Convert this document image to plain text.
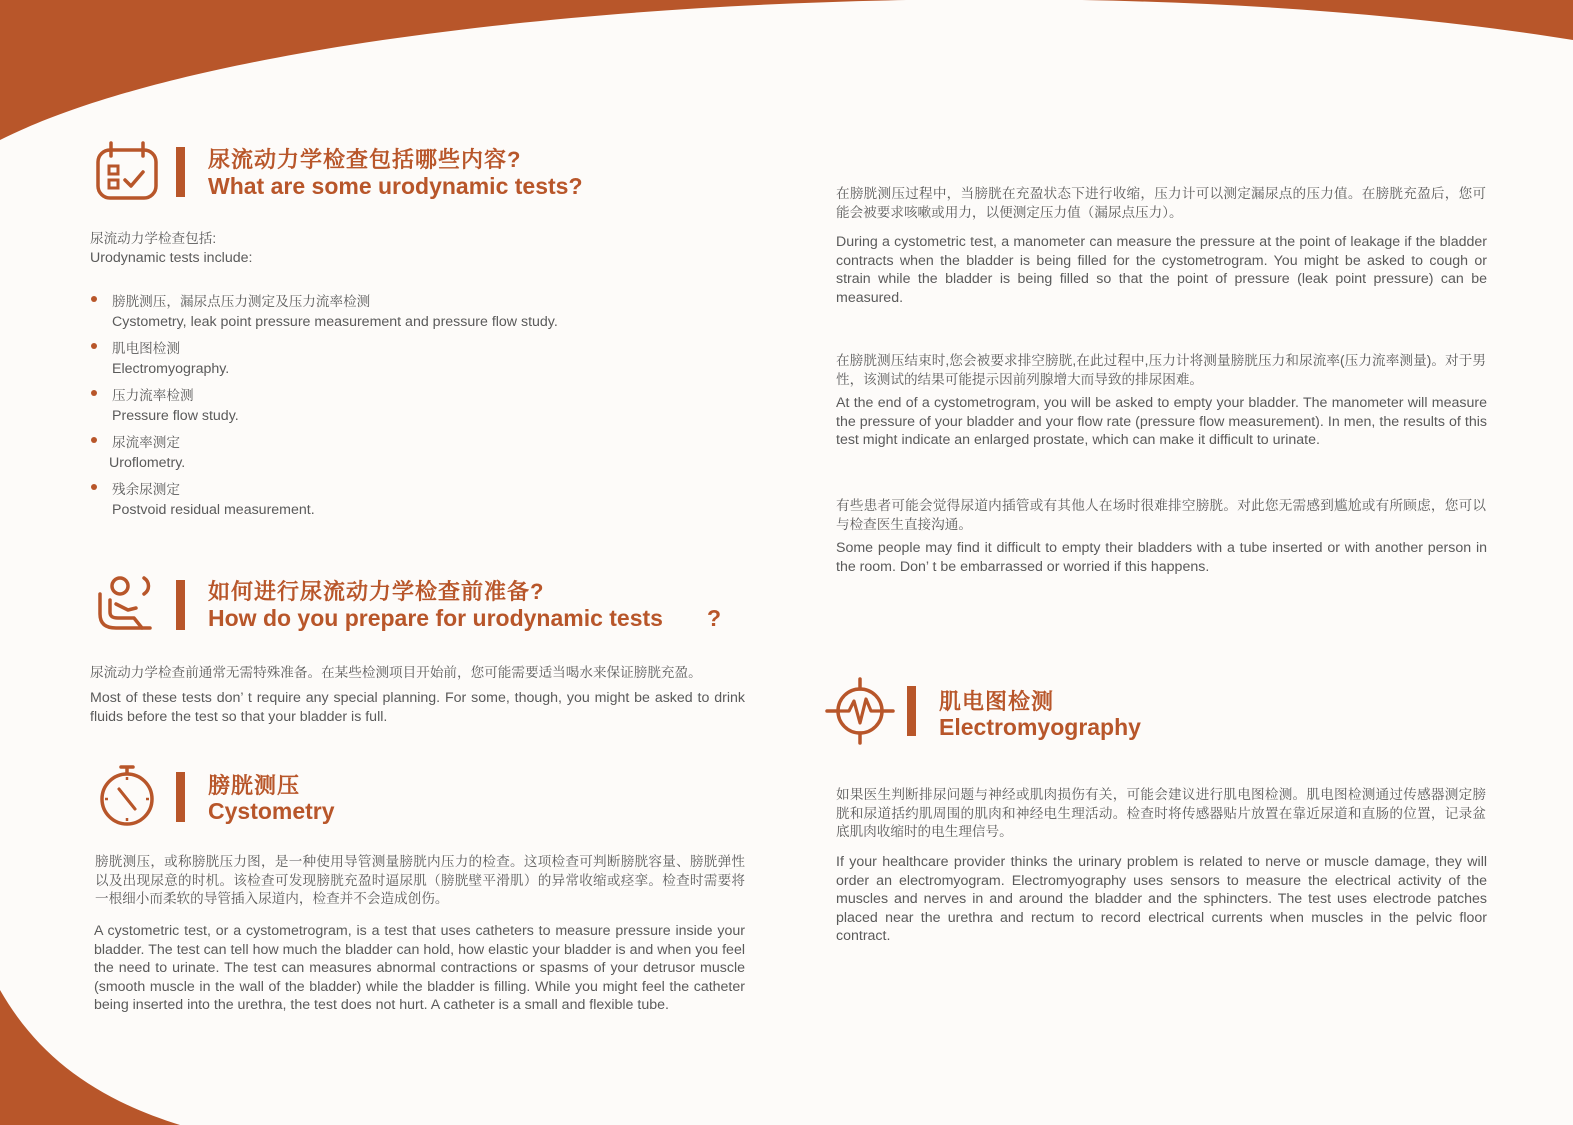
尿流动力学检查包括哪些内容?
What are some urodynamic tests?
尿流动力学检查包括:
Urodynamic tests include:
膀胱测压，漏尿点压力测定及压力流率检测
Cystometry, leak point pressure measurement and pressure flow study.
肌电图检测
Electromyography.
压力流率检测
Pressure flow study.
尿流率测定
Uroflometry.
残余尿测定
Postvoid residual measurement.
如何进行尿流动力学检查前准备?
How do you prepare for urodynamic tests ?
尿流动力学检查前通常无需特殊准备。在某些检测项目开始前，您可能需要适当喝水来保证膀胱充盈。
Most of these tests don’ t require any special planning. For some, though, you might be asked to drink fluids before the test so that your bladder is full.
膀胱测压
Cystometry
膀胱测压，或称膀胱压力图，是一种使用导管测量膀胱内压力的检查。这项检查可判断膀胱容量、膀胱弹性以及出现尿意的时机。该检查可发现膀胱充盈时逼尿肌（膀胱壁平滑肌）的异常收缩或痉挛。检查时需要将一根细小而柔软的导管插入尿道内，检查并不会造成创伤。
A cystometric test, or a cystometrogram, is a test that uses catheters to measure pressure inside your bladder. The test can tell how much the bladder can hold, how elastic your bladder is and when you feel the need to urinate. The test can measures abnormal contractions or spasms of your detrusor muscle (smooth muscle in the wall of the bladder) while the bladder is filling. While you might feel the catheter being inserted into the urethra, the test does not hurt. A catheter is a small and flexible tube.
在膀胱测压过程中，当膀胱在充盈状态下进行收缩，压力计可以测定漏尿点的压力值。在膀胱充盈后，您可能会被要求咳嗽或用力，以便测定压力值（漏尿点压力）。
During a cystometric test, a manometer can measure the pressure at the point of leakage if the bladder contracts when the bladder is being filled for the cystometrogram. You might be asked to cough or strain while the bladder is being filled so that the point of pressure (leak point pressure) can be measured.
在膀胱测压结束时,您会被要求排空膀胱,在此过程中,压力计将测量膀胱压力和尿流率(压力流率测量)。对于男性，该测试的结果可能提示因前列腺增大而导致的排尿困难。
At the end of a cystometrogram, you will be asked to empty your bladder. The manometer will measure the pressure of your bladder and your flow rate (pressure flow measurement). In men, the results of this test might indicate an enlarged prostate, which can make it difficult to urinate.
有些患者可能会觉得尿道内插管或有其他人在场时很难排空膀胱。对此您无需感到尴尬或有所顾虑，您可以与检查医生直接沟通。
Some people may find it difficult to empty their bladders with a tube inserted or with another person in the room. Don’ t be embarrassed or worried if this happens.
肌电图检测
Electromyography
如果医生判断排尿问题与神经或肌肉损伤有关，可能会建议进行肌电图检测。肌电图检测通过传感器测定膀胱和尿道括约肌周围的肌肉和神经电生理活动。检查时将传感器贴片放置在靠近尿道和直肠的位置，记录盆底肌肉收缩时的电生理信号。
If your healthcare provider thinks the urinary problem is related to nerve or muscle damage, they will order an electromyogram. Electromyography uses sensors to measure the electrical activity of the muscles and nerves in and around the bladder and the sphincters. The test uses electrode patches placed near the urethra and rectum to record electrical currents when muscles in the pelvic floor contract.
